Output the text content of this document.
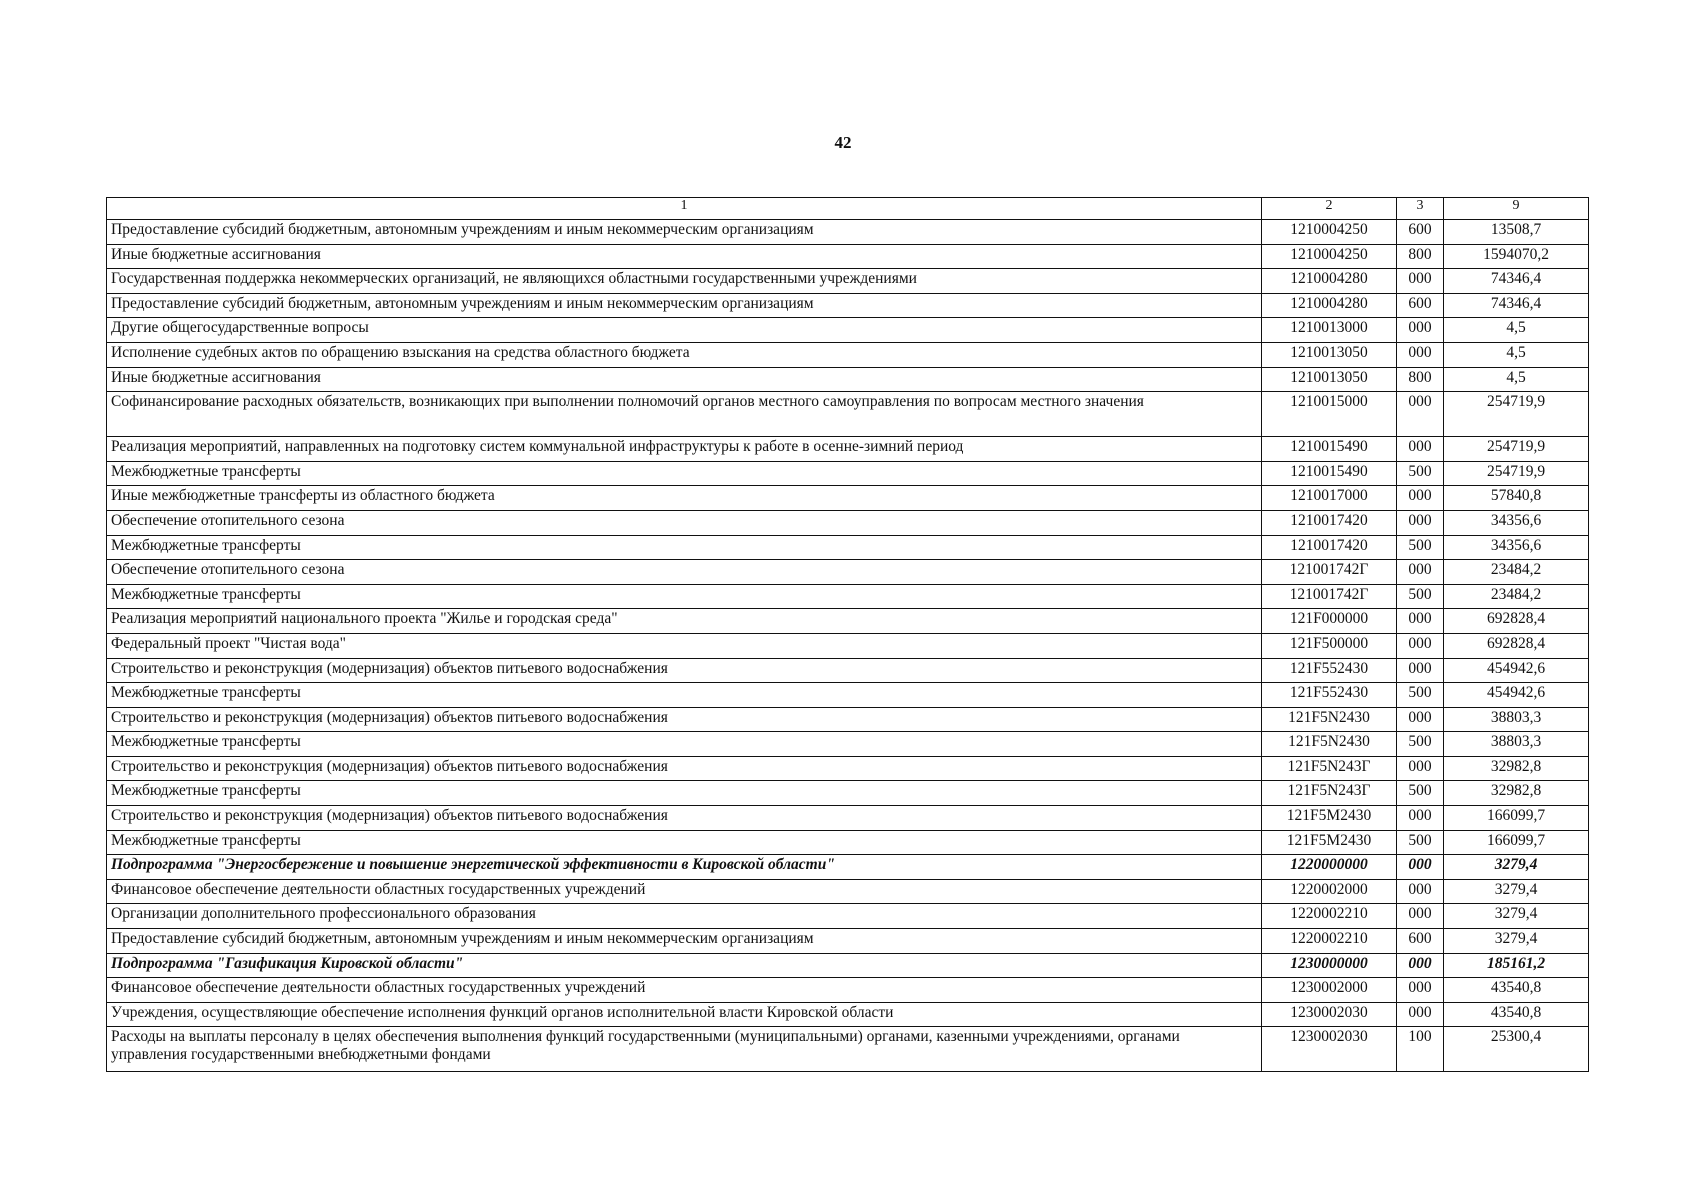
42
1	2	3	9
Предоставление субсидий бюджетным, автономным учреждениям и иным некоммерческим организациям	1210004250	600	13508,7
Иные бюджетные ассигнования	1210004250	800	1594070,2
Государственная поддержка некоммерческих организаций, не являющихся областными государственными учреждениями	1210004280	000	74346,4
Предоставление субсидий бюджетным, автономным учреждениям и иным некоммерческим организациям	1210004280	600	74346,4
Другие общегосударственные вопросы	1210013000	000	4,5
Исполнение судебных актов по обращению взыскания на средства областного бюджета	1210013050	000	4,5
Иные бюджетные ассигнования	1210013050	800	4,5
Софинансирование расходных обязательств, возникающих при выполнении полномочий органов местного самоуправления по вопросам местного значения	1210015000	000	254719,9
Реализация мероприятий, направленных на подготовку систем коммунальной инфраструктуры к работе в осенне-зимний период	1210015490	000	254719,9
Межбюджетные трансферты	1210015490	500	254719,9
Иные межбюджетные трансферты из областного бюджета	1210017000	000	57840,8
Обеспечение отопительного сезона	1210017420	000	34356,6
Межбюджетные трансферты	1210017420	500	34356,6
Обеспечение отопительного сезона	121001742Г	000	23484,2
Межбюджетные трансферты	121001742Г	500	23484,2
Реализация мероприятий национального проекта "Жилье и городская среда"	121F000000	000	692828,4
Федеральный проект "Чистая вода"	121F500000	000	692828,4
Строительство и реконструкция (модернизация) объектов питьевого водоснабжения	121F552430	000	454942,6
Межбюджетные трансферты	121F552430	500	454942,6
Строительство и реконструкция (модернизация) объектов питьевого водоснабжения	121F5N2430	000	38803,3
Межбюджетные трансферты	121F5N2430	500	38803,3
Строительство и реконструкция (модернизация) объектов питьевого водоснабжения	121F5N243Г	000	32982,8
Межбюджетные трансферты	121F5N243Г	500	32982,8
Строительство и реконструкция (модернизация) объектов питьевого водоснабжения	121F5M2430	000	166099,7
Межбюджетные трансферты	121F5M2430	500	166099,7
Подпрограмма "Энергосбережение и повышение энергетической эффективности в Кировской области"	1220000000	000	3279,4
Финансовое обеспечение деятельности областных государственных учреждений	1220002000	000	3279,4
Организации дополнительного профессионального образования	1220002210	000	3279,4
Предоставление субсидий бюджетным, автономным учреждениям и иным некоммерческим организациям	1220002210	600	3279,4
Подпрограмма "Газификация Кировской области"	1230000000	000	185161,2
Финансовое обеспечение деятельности областных государственных учреждений	1230002000	000	43540,8
Учреждения, осуществляющие обеспечение исполнения функций органов исполнительной власти Кировской области	1230002030	000	43540,8
Расходы на выплаты персоналу в целях обеспечения выполнения функций государственными (муниципальными) органами, казенными учреждениями, органами управления государственными внебюджетными фондами	1230002030	100	25300,4
